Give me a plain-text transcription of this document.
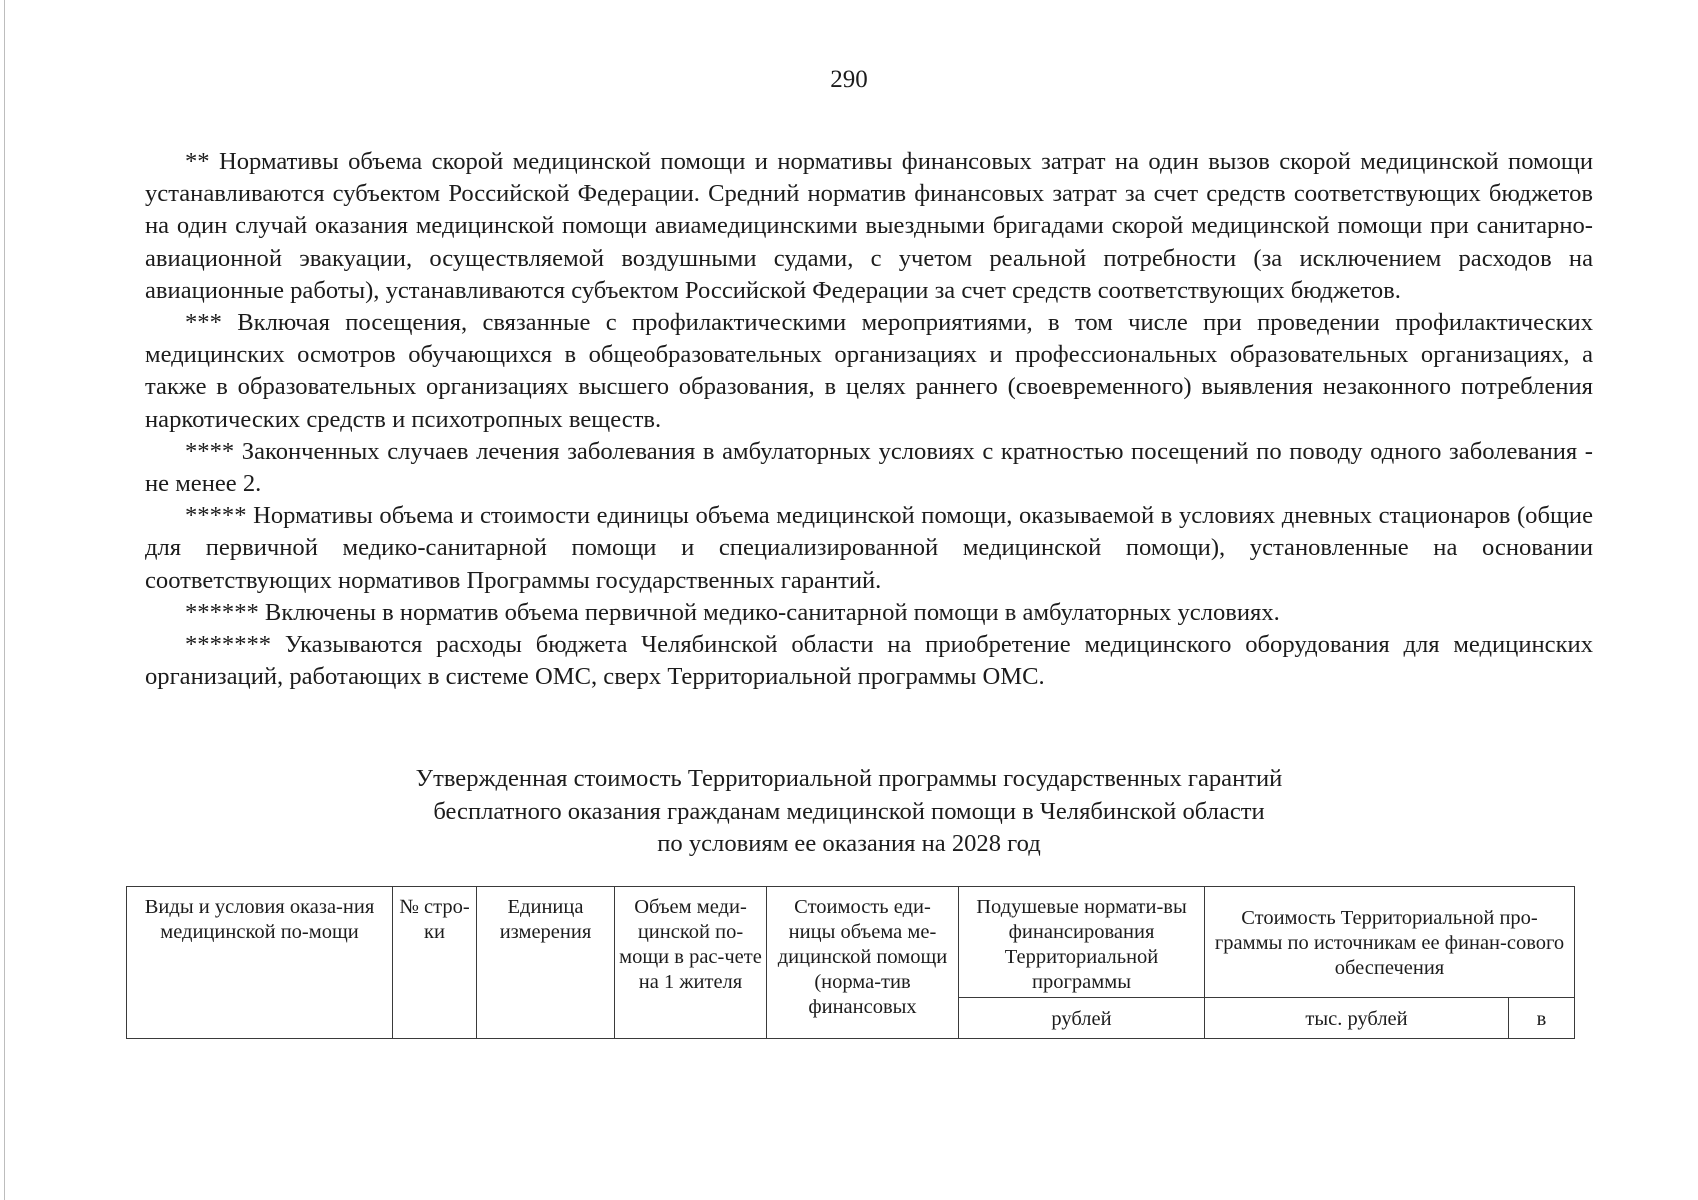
290

** Нормативы объема скорой медицинской помощи и нормативы финансовых затрат на один вызов скорой медицинской помощи устанавливаются субъектом Российской Федерации. Средний норматив финансовых затрат за счет средств соответствующих бюджетов на один случай оказания медицинской помощи авиамедицинскими выездными бригадами скорой медицинской помощи при санитарно-авиационной эвакуации, осуществляемой воздушными судами, с учетом реальной потребности (за исключением расходов на авиационные работы), устанавливаются субъектом Российской Федерации за счет средств соответствующих бюджетов.

*** Включая посещения, связанные с профилактическими мероприятиями, в том числе при проведении профилактических медицинских осмотров обучающихся в общеобразовательных организациях и профессиональных образовательных организациях, а также в образовательных организациях высшего образования, в целях раннего (своевременного) выявления незаконного потребления наркотических средств и психотропных веществ.

**** Законченных случаев лечения заболевания в амбулаторных условиях с кратностью посещений по поводу одного заболевания - не менее 2.

***** Нормативы объема и стоимости единицы объема медицинской помощи, оказываемой в условиях дневных стационаров (общие для первичной медико-санитарной помощи и специализированной медицинской помощи), установленные на основании соответствующих нормативов Программы государственных гарантий.

****** Включены в норматив объема первичной медико-санитарной помощи в амбулаторных условиях.

******* Указываются расходы бюджета Челябинской области на приобретение медицинского оборудования для медицинских организаций, работающих в системе ОМС, сверх Территориальной программы ОМС.

Утвержденная стоимость Территориальной программы государственных гарантий
бесплатного оказания гражданам медицинской помощи в Челябинской области
по условиям ее оказания на 2028 год
Виды и условия оказа-ния медицинской по-мощи	№ стро-ки	Единица измерения	Объем меди-цинской по-мощи в рас-чете на 1 жителя	Стоимость еди-ницы объема ме-дицинской помощи (норма-тив финансовых	Подушевые нормати-вы финансирования Территориальной программы	Стоимость Территориальной про-граммы по источникам ее финан-сового обеспечения	

					рублей	тыс. рублей	в
